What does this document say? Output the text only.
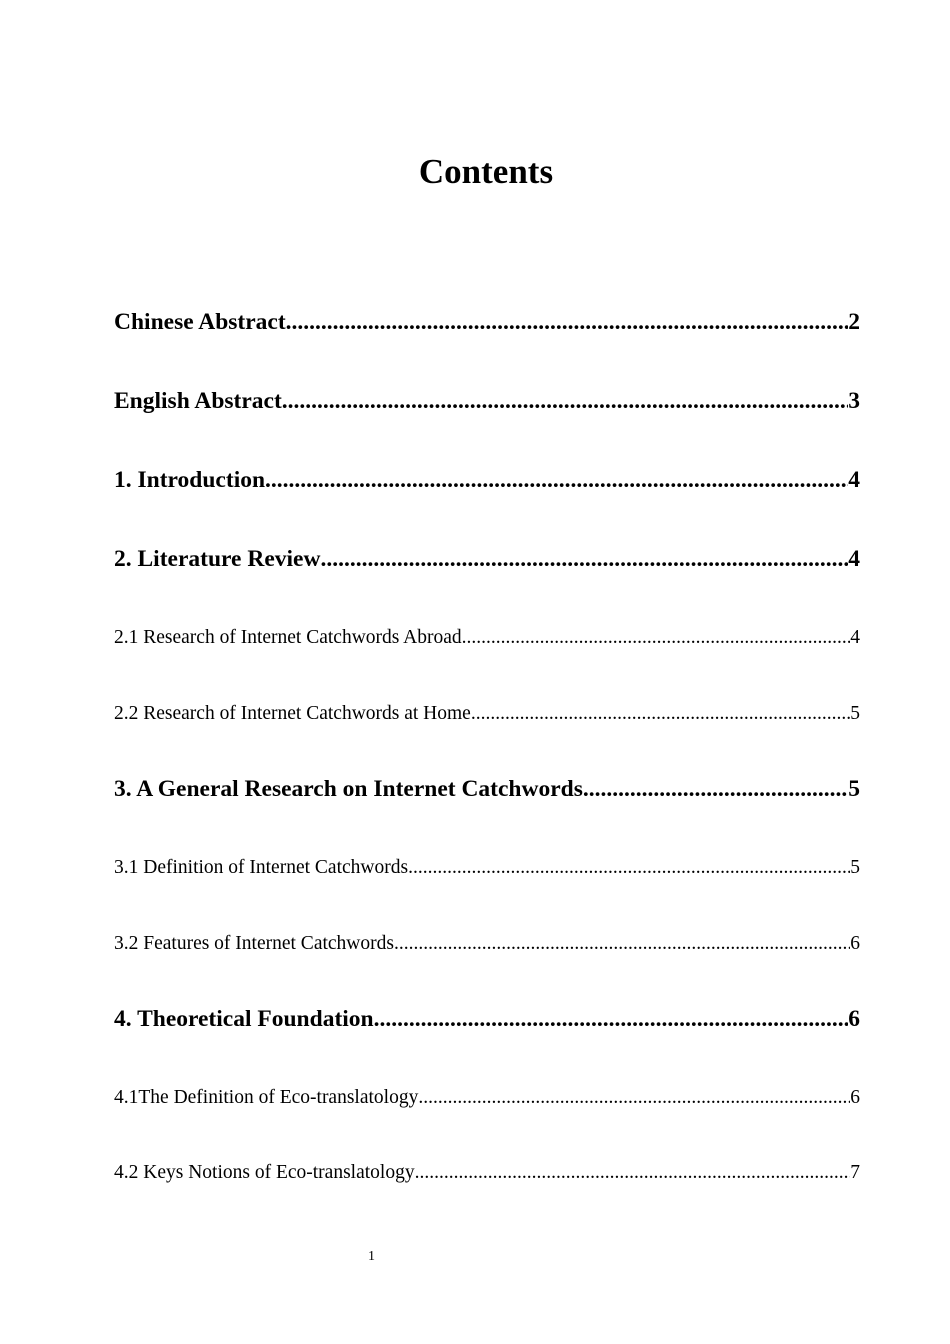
Contents
Chinese Abstract .....	2
English Abstract .....	3
1. Introduction .....	4
2. Literature Review .....	4
2.1 Research of Internet Catchwords Abroad .....	4
2.2 Research of Internet Catchwords at Home .....	5
3. A General Research on Internet Catchwords .....	5
3.1 Definition of Internet Catchwords .....	5
3.2 Features of Internet Catchwords .....	6
4. Theoretical Foundation .....	6
4.1The Definition of Eco-translatology .....	6
4.2 Keys Notions of Eco-translatology .....	7
1
